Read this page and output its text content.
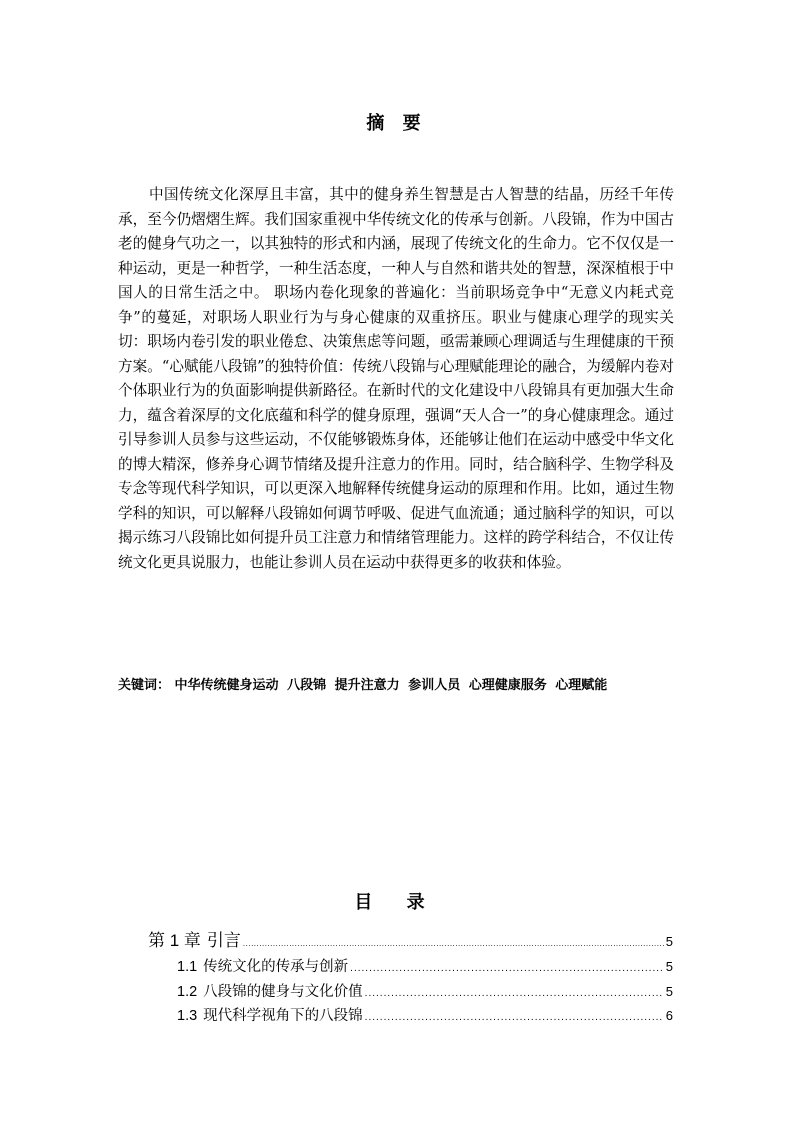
摘 要

中国传统文化深厚且丰富，其中的健身养生智慧是古人智慧的结晶，历经千年传承，至今仍熠熠生辉。我们国家重视中华传统文化的传承与创新。八段锦，作为中国古老的健身气功之一，以其独特的形式和内涵，展现了传统文化的生命力。它不仅仅是一种运动，更是一种哲学，一种生活态度，一种人与自然和谐共处的智慧，深深植根于中国人的日常生活之中。 职场内卷化现象的普遍化：当前职场竞争中“无意义内耗式竞争”的蔓延，对职场人职业行为与身心健康的双重挤压。职业与健康心理学的现实关切：职场内卷引发的职业倦怠、决策焦虑等问题，亟需兼顾心理调适与生理健康的干预方案。“心赋能八段锦”的独特价值：传统八段锦与心理赋能理论的融合，为缓解内卷对个体职业行为的负面影响提供新路径。在新时代的文化建设中八段锦具有更加强大生命力，蕴含着深厚的文化底蕴和科学的健身原理，强调“天人合一”的身心健康理念。通过引导参训人员参与这些运动，不仅能够锻炼身体，还能够让他们在运动中感受中华文化的博大精深，修养身心调节情绪及提升注意力的作用。同时，结合脑科学、生物学科及专念等现代科学知识，可以更深入地解释传统健身运动的原理和作用。比如，通过生物学科的知识，可以解释八段锦如何调节呼吸、促进气血流通；通过脑科学的知识，可以揭示练习八段锦比如何提升员工注意力和情绪管理能力。这样的跨学科结合，不仅让传统文化更具说服力，也能让参训人员在运动中获得更多的收获和体验。

关键词： 中华传统健身运动 八段锦 提升注意力 参训人员 心理健康服务 心理赋能
目 录
第 1 章 引言 .....	5
1.1 传统文化的传承与创新 .....	5
1.2 八段锦的健身与文化价值 .....	5
1.3 现代科学视角下的八段锦 .....	6
